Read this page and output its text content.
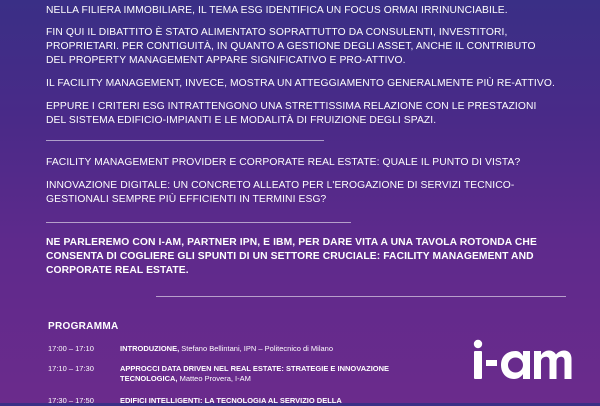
NELLA FILIERA IMMOBILIARE, IL TEMA ESG IDENTIFICA UN FOCUS ORMAI IRRINUNCIABILE.

FIN QUI IL DIBATTITO È STATO ALIMENTATO SOPRATTUTTO DA CONSULENTI, INVESTITORI, PROPRIETARI. PER CONTIGUITÀ, IN QUANTO A GESTIONE DEGLI ASSET, ANCHE IL CONTRIBUTO DEL PROPERTY MANAGEMENT APPARE SIGNIFICATIVO E PRO-ATTIVO.

IL FACILITY MANAGEMENT, INVECE, MOSTRA UN ATTEGGIAMENTO GENERALMENTE PIÙ RE-ATTIVO.

EPPURE I CRITERI ESG INTRATTENGONO UNA STRETTISSIMA RELAZIONE CON LE PRESTAZIONI DEL SISTEMA EDIFICIO-IMPIANTI E LE MODALITÀ DI FRUIZIONE DEGLI SPAZI.

FACILITY MANAGEMENT PROVIDER E CORPORATE REAL ESTATE: QUALE IL PUNTO DI VISTA?

INNOVAZIONE DIGITALE: UN CONCRETO ALLEATO PER L'EROGAZIONE DI SERVIZI TECNICO-GESTIONALI SEMPRE PIÙ EFFICIENTI IN TERMINI ESG?

NE PARLEREMO CON I-AM, PARTNER IPN, E IBM, PER DARE VITA A UNA TAVOLA ROTONDA CHE CONSENTA DI COGLIERE GLI SPUNTI DI UN SETTORE CRUCIALE: FACILITY MANAGEMENT AND CORPORATE REAL ESTATE.

PROGRAMMA
17:00 – 17:10	INTRODUZIONE, Stefano Bellintani, IPN – Politecnico di Milano
17:10 – 17:30	APPROCCI DATA DRIVEN NEL REAL ESTATE: STRATEGIE E INNOVAZIONE TECNOLOGICA, Matteo Provera, I-AM
17:30 – 17:50	EDIFICI INTELLIGENTI: LA TECNOLOGIA AL SERVIZIO DELLA
